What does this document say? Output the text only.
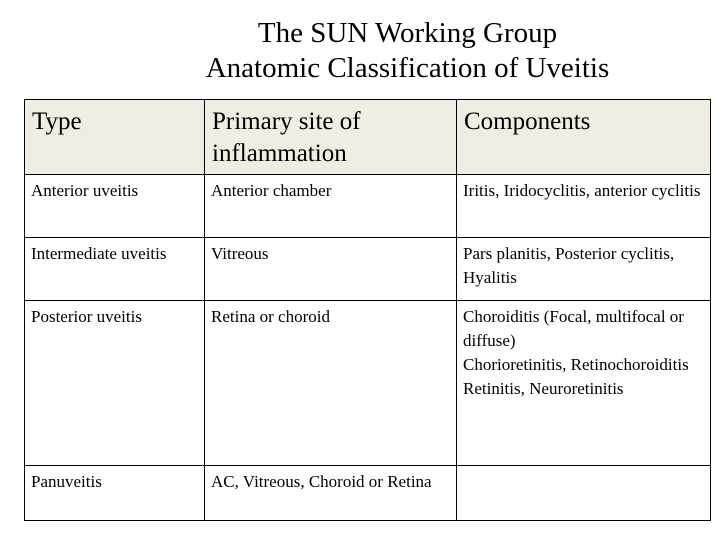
The SUN Working Group
Anatomic Classification of Uveitis
Type	Primary site of inflammation	Components
Anterior uveitis	Anterior chamber	Iritis, Iridocyclitis, anterior cyclitis

Intermediate uveitis	Vitreous	Pars planitis, Posterior cyclitis, Hyalitis

Posterior uveitis	Retina or choroid	Choroiditis (Focal, multifocal or diffuse)
Chorioretinitis, Retinochoroiditis
Retinitis, Neuroretinitis

Panuveitis	AC, Vitreous, Choroid or Retina	
